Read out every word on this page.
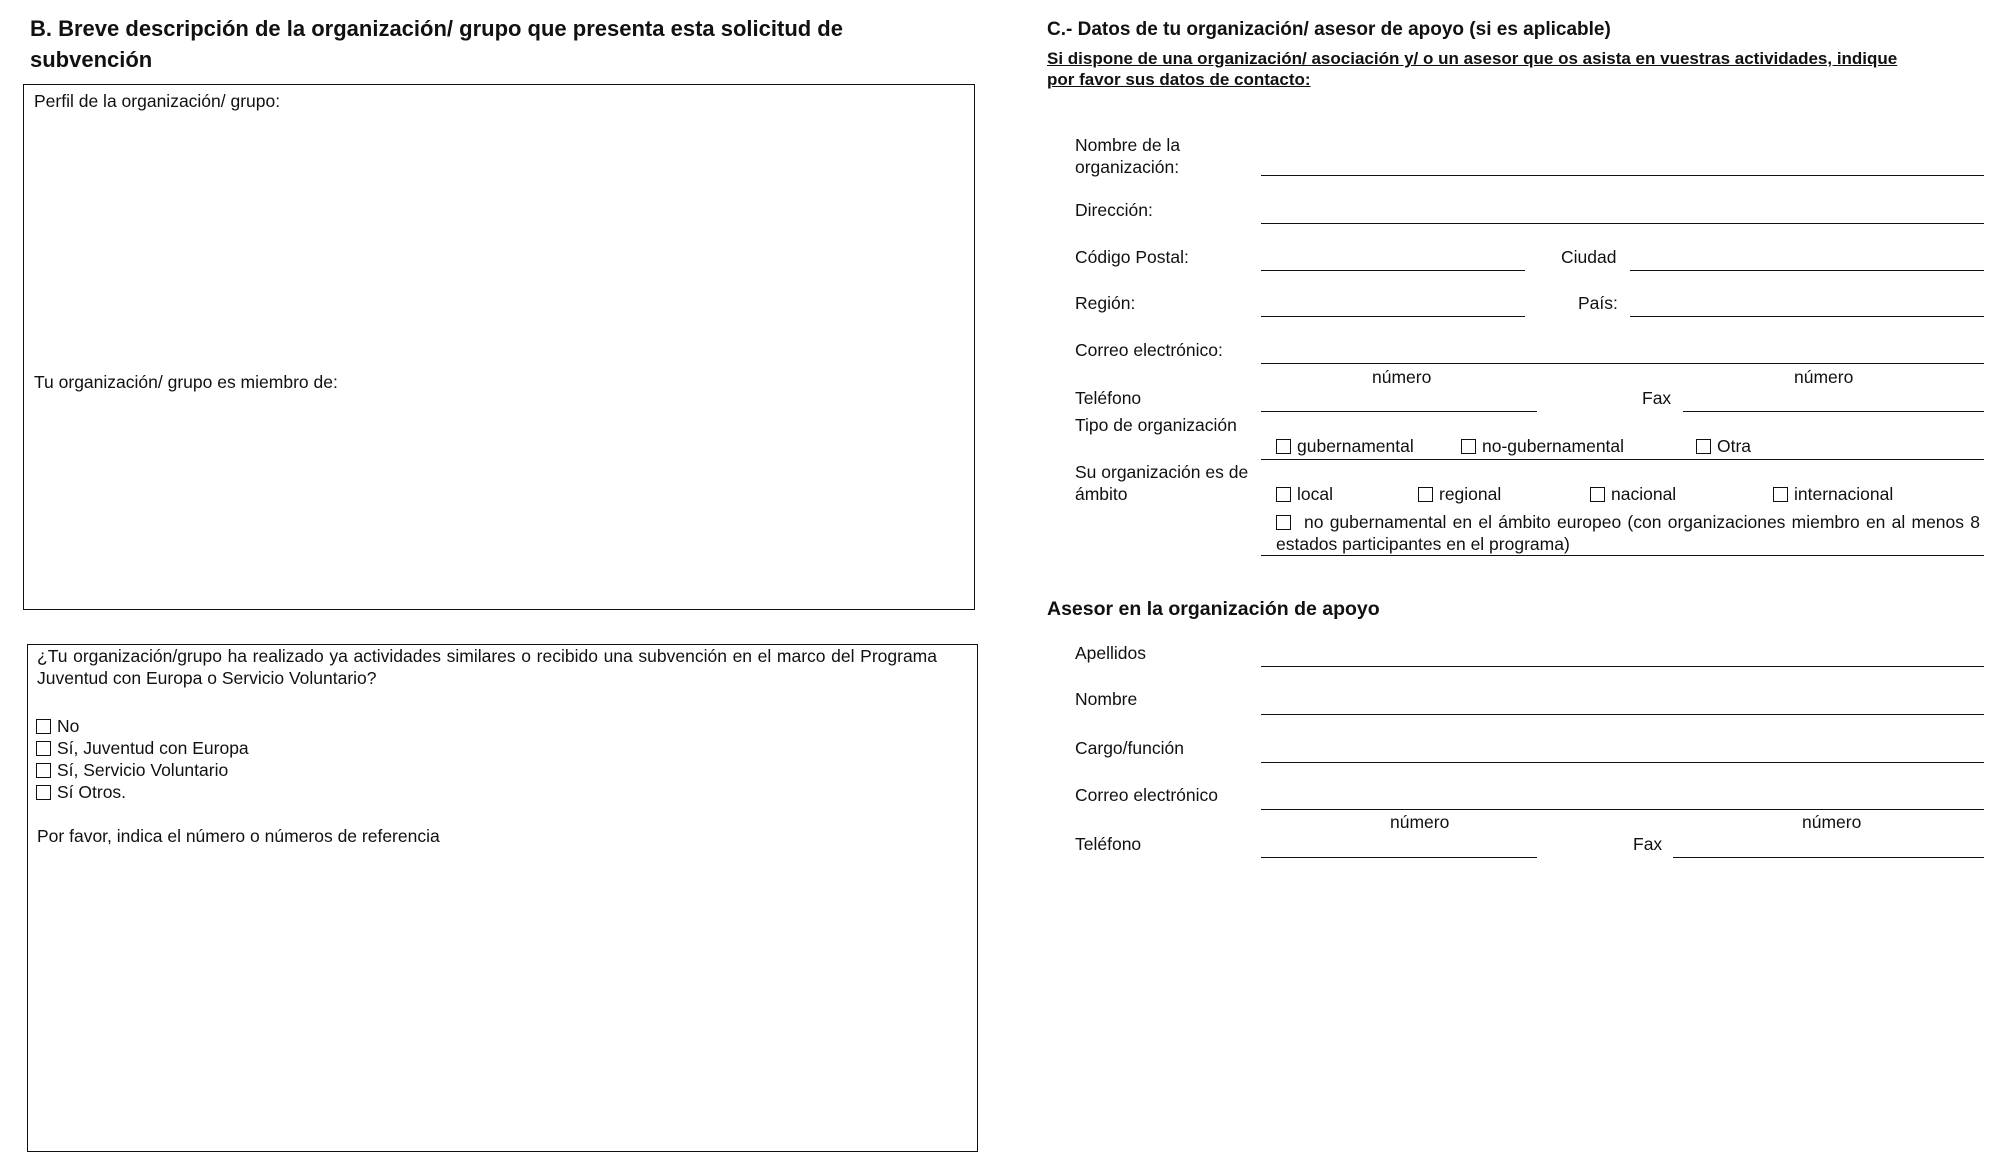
B. Breve descripción de la organización/ grupo que presenta esta solicitud de subvención
Perfil de la organización/ grupo:
Tu organización/ grupo es miembro de:
¿Tu organización/grupo ha realizado ya actividades similares o recibido una subvención en el marco del Programa Juventud con Europa o Servicio Voluntario?
No
Sí, Juventud con Europa
Sí, Servicio Voluntario
Sí Otros.
Por favor, indica el número o números de referencia
C.- Datos de tu organización/ asesor de apoyo (si es aplicable)
Si dispone de una organización/ asociación y/ o un asesor que os asista en vuestras actividades, indique por favor sus datos de contacto:
Nombre de la organización:
Dirección:
Código Postal:	Ciudad
Región:	País:
Correo electrónico:
número	número
Teléfono	Fax
Tipo de organización
gubernamental	no-gubernamental	Otra
Su organización es de ámbito	local	regional	nacional	internacional
no gubernamental en el ámbito europeo (con organizaciones miembro en al menos 8 estados participantes en el programa)
Asesor en la organización de apoyo
Apellidos
Nombre
Cargo/función
Correo electrónico
número	número
Teléfono	Fax
